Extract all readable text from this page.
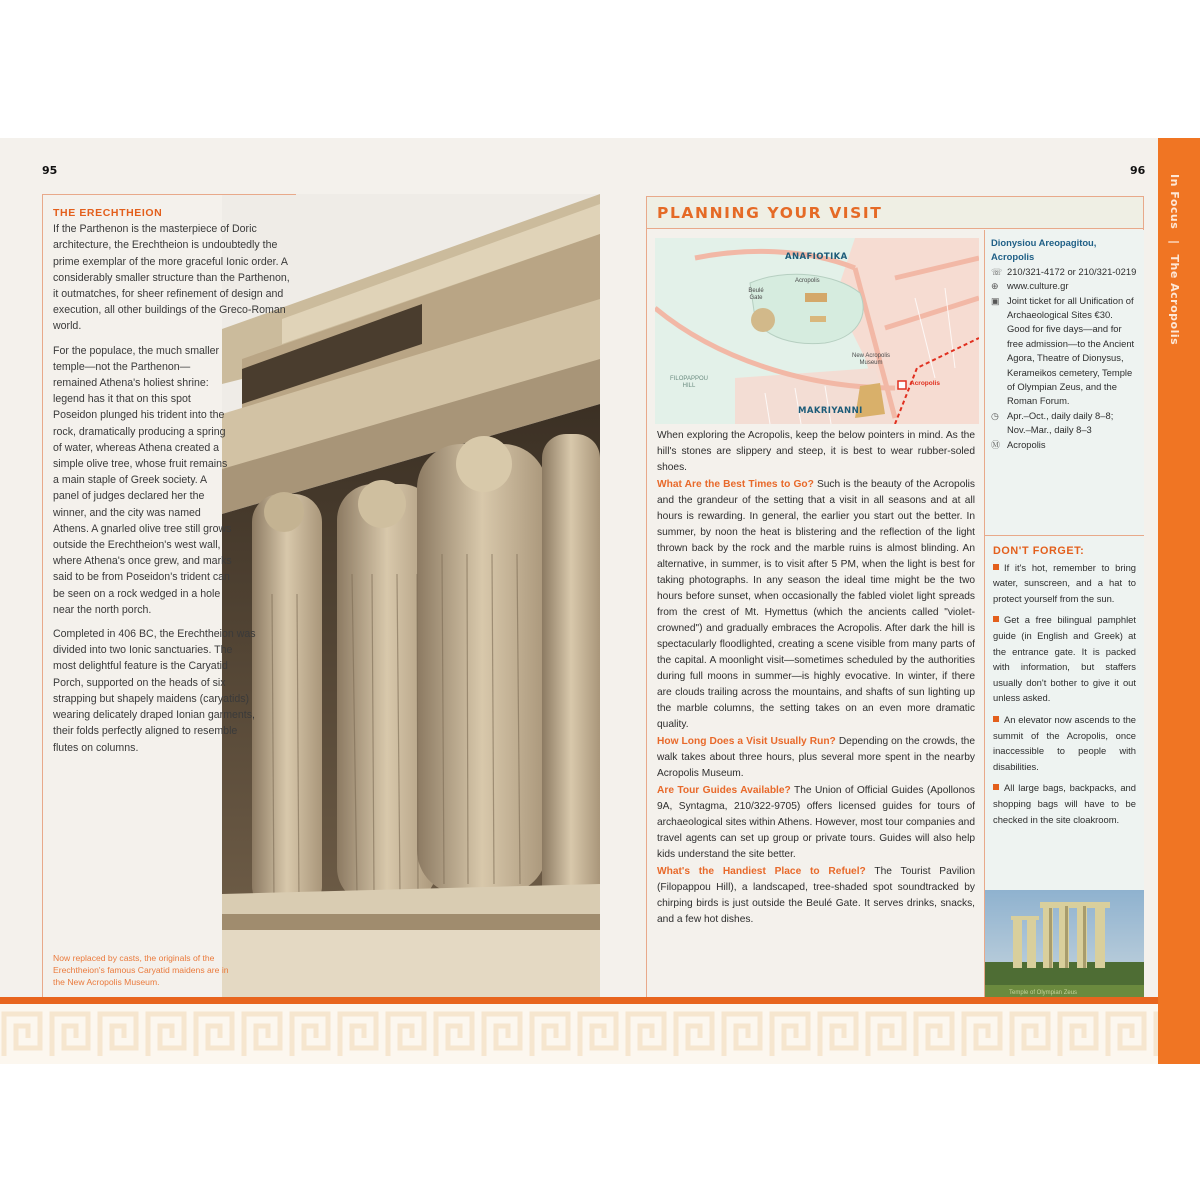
95	96
THE ERECHTHEION

If the Parthenon is the masterpiece of Doric architecture, the Erechtheion is undoubtedly the prime exemplar of the more graceful Ionic order. A considerably smaller structure than the Parthenon, it outmatches, for sheer refinement of design and execution, all other buildings of the Greco-Roman world.

For the populace, the much smaller temple—not the Parthenon—remained Athena's holiest shrine: legend has it that on this spot Poseidon plunged his trident into the rock, dramatically producing a spring of water, whereas Athena created a simple olive tree, whose fruit remains a main staple of Greek society. A panel of judges declared her the winner, and the city was named Athens. A gnarled olive tree still grows outside the Erechtheion's west wall, where Athena's once grew, and marks said to be from Poseidon's trident can be seen on a rock wedged in a hole near the north porch.

Completed in 406 BC, the Erechtheion was divided into two Ionic sanctuaries. The most delightful feature is the Caryatid Porch, supported on the heads of six strapping but shapely maidens (caryatids) wearing delicately draped Ionian garments, their folds perfectly aligned to resemble flutes on columns.

Now replaced by casts, the originals of the Erechtheion's famous Caryatid maidens are in the New Acropolis Museum.
PLANNING YOUR VISIT
ANAFIOTIKA
MAKRIYANNI
Acropolis
Beulé Gate
FILOPAPPOU HILL
New Acropolis Museum
Acropolis

When exploring the Acropolis, keep the below pointers in mind. As the hill's stones are slippery and steep, it is best to wear rubber-soled shoes.

What Are the Best Times to Go? Such is the beauty of the Acropolis and the grandeur of the setting that a visit in all seasons and at all hours is rewarding. In general, the earlier you start out the better. In summer, by noon the heat is blistering and the reflection of the light thrown back by the rock and the marble ruins is almost blinding. An alternative, in summer, is to visit after 5 PM, when the light is best for taking photographs. In any season the ideal time might be the two hours before sunset, when occasionally the fabled violet light spreads from the crest of Mt. Hymettus (which the ancients called "violet-crowned") and gradually embraces the Acropolis. After dark the hill is spectacularly floodlighted, creating a scene visible from many parts of the capital. A moonlight visit—sometimes scheduled by the authorities during full moons in summer—is highly evocative. In winter, if there are clouds trailing across the mountains, and shafts of sun lighting up the marble columns, the setting takes on an even more dramatic quality.

How Long Does a Visit Usually Run? Depending on the crowds, the walk takes about three hours, plus several more spent in the nearby Acropolis Museum.

Are Tour Guides Available? The Union of Official Guides (Apollonos 9A, Syntagma, 210/322-9705) offers licensed guides for tours of archaeological sites within Athens. However, most tour companies and travel agents can set up group or private tours. Guides will also help kids understand the site better.

What's the Handiest Place to Refuel? The Tourist Pavilion (Filopappou Hill), a landscaped, tree-shaded spot soundtracked by chirping birds is just outside the Beulé Gate. It serves drinks, snacks, and a few hot dishes.

Dionysiou Areopagitou, Acropolis
☏ 210/321-4172 or 210/321-0219
⊕ www.culture.gr
▣ Joint ticket for all Unification of Archaeological Sites €30. Good for five days—and for free admission—to the Ancient Agora, Theatre of Dionysus, Kerameikos cemetery, Temple of Olympian Zeus, and the Roman Forum.
◷ Apr.–Oct., daily daily 8–8; Nov.–Mar., daily 8–3
Ⓜ Acropolis
DON'T FORGET:

If it's hot, remember to bring water, sunscreen, and a hat to protect yourself from the sun.

Get a free bilingual pamphlet guide (in English and Greek) at the entrance gate. It is packed with information, but staffers usually don't bother to give it out unless asked.

An elevator now ascends to the summit of the Acropolis, once inaccessible to people with disabilities.

All large bags, backpacks, and shopping bags will have to be checked in the site cloakroom.

Temple of Olympian Zeus
In Focus | The Acropolis
